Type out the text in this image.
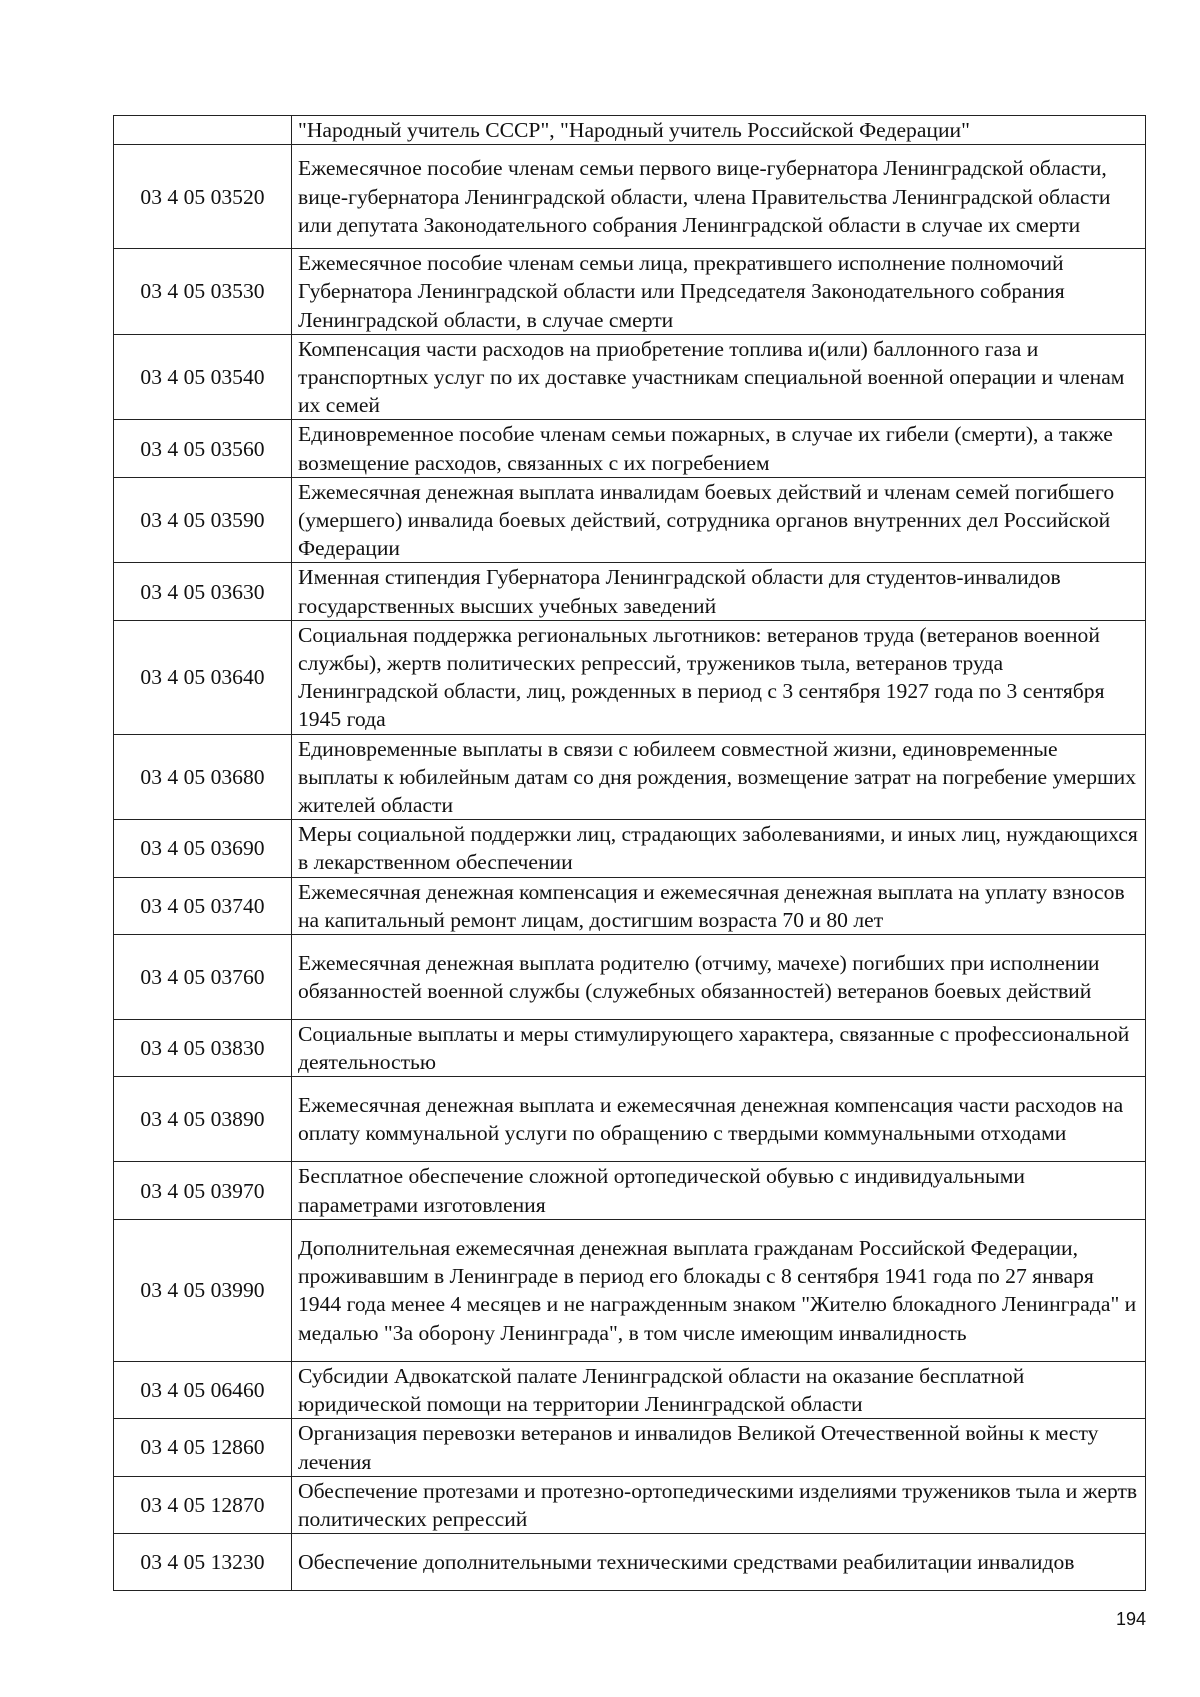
	"Народный учитель СССР", "Народный учитель Российской Федерации"
03 4 05 03520	Ежемесячное пособие членам семьи первого вице-губернатора Ленинградской области, вице-губернатора Ленинградской области, члена Правительства Ленинградской области или депутата Законодательного собрания Ленинградской области в случае их смерти
03 4 05 03530	Ежемесячное пособие членам семьи лица, прекратившего исполнение полномочий Губернатора Ленинградской области или Председателя Законодательного собрания Ленинградской области, в случае смерти
03 4 05 03540	Компенсация части расходов на приобретение топлива и(или) баллонного газа и транспортных услуг по их доставке участникам специальной военной операции и членам их семей
03 4 05 03560	Единовременное пособие членам семьи пожарных, в случае их гибели (смерти), а также возмещение расходов, связанных с их погребением
03 4 05 03590	Ежемесячная денежная выплата инвалидам боевых действий и членам семей погибшего (умершего) инвалида боевых действий, сотрудника органов внутренних дел Российской Федерации
03 4 05 03630	Именная стипендия Губернатора Ленинградской области для студентов-инвалидов государственных высших учебных заведений
03 4 05 03640	Социальная поддержка региональных льготников: ветеранов труда (ветеранов военной службы), жертв политических репрессий, тружеников тыла, ветеранов труда Ленинградской области, лиц, рожденных в период с 3 сентября 1927 года по 3 сентября 1945 года
03 4 05 03680	Единовременные выплаты в связи с юбилеем совместной жизни, единовременные выплаты к юбилейным датам со дня рождения, возмещение затрат на погребение умерших жителей области
03 4 05 03690	Меры социальной поддержки лиц, страдающих заболеваниями, и иных лиц, нуждающихся в лекарственном обеспечении
03 4 05 03740	Ежемесячная денежная компенсация и ежемесячная денежная выплата на уплату взносов на капитальный ремонт лицам, достигшим возраста 70 и 80 лет
03 4 05 03760	Ежемесячная денежная выплата родителю (отчиму, мачехе) погибших при исполнении обязанностей военной службы (служебных обязанностей) ветеранов боевых действий
03 4 05 03830	Социальные выплаты и меры стимулирующего характера, связанные с профессиональной деятельностью
03 4 05 03890	Ежемесячная денежная выплата и ежемесячная денежная компенсация части расходов на оплату коммунальной услуги по обращению с твердыми коммунальными отходами
03 4 05 03970	Бесплатное обеспечение сложной ортопедической обувью с индивидуальными параметрами изготовления
03 4 05 03990	Дополнительная ежемесячная денежная выплата гражданам Российской Федерации, проживавшим в Ленинграде в период его блокады с 8 сентября 1941 года по 27 января 1944 года менее 4 месяцев и не награжденным знаком "Жителю блокадного Ленинграда" и медалью "За оборону Ленинграда", в том числе имеющим инвалидность
03 4 05 06460	Субсидии Адвокатской палате Ленинградской области на оказание бесплатной юридической помощи на территории Ленинградской области
03 4 05 12860	Организация перевозки ветеранов и инвалидов Великой Отечественной войны к месту лечения
03 4 05 12870	Обеспечение протезами и протезно-ортопедическими изделиями тружеников тыла и жертв политических репрессий
03 4 05 13230	Обеспечение дополнительными техническими средствами реабилитации инвалидов
194
